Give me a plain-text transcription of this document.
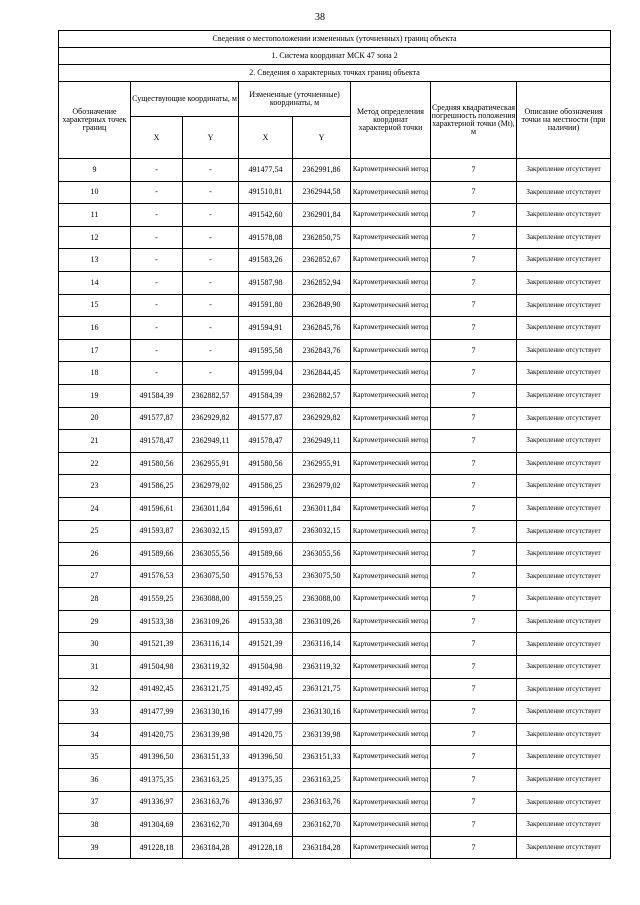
38
Сведения о местоположении измененных (уточненных) границ объекта							
1. Система координат МСК 47 зона 2							
2. Сведения о характерных точках границ объекта							
Обозначение характерных точек границ	Существующие координаты, м		Измененные (уточненные) координаты, м		Метод определения координат характерной точки	Средняя квадратическая погрешность положения характерной точки (Mt), м	Описание обозначения точки на местности (при наличии)
	X	Y	X	Y			
9	-	-	491477,54	2362991,86	Картометрический метод	7	Закрепление отсутствует
10	-	-	491510,81	2362944,58	Картометрический метод	7	Закрепление отсутствует
11	-	-	491542,60	2362901,84	Картометрический метод	7	Закрепление отсутствует
12	-	-	491578,08	2362850,75	Картометрический метод	7	Закрепление отсутствует
13	-	-	491583,26	2362852,67	Картометрический метод	7	Закрепление отсутствует
14	-	-	491587,98	2362852,94	Картометрический метод	7	Закрепление отсутствует
15	-	-	491591,80	2362849,90	Картометрический метод	7	Закрепление отсутствует
16	-	-	491594,91	2362845,76	Картометрический метод	7	Закрепление отсутствует
17	-	-	491595,58	2362843,76	Картометрический метод	7	Закрепление отсутствует
18	-	-	491599,04	2362844,45	Картометрический метод	7	Закрепление отсутствует
19	491584,39	2362882,57	491584,39	2362882,57	Картометрический метод	7	Закрепление отсутствует
20	491577,87	2362929,82	491577,87	2362929,82	Картометрический метод	7	Закрепление отсутствует
21	491578,47	2362949,11	491578,47	2362949,11	Картометрический метод	7	Закрепление отсутствует
22	491580,56	2362955,91	491580,56	2362955,91	Картометрический метод	7	Закрепление отсутствует
23	491586,25	2362979,02	491586,25	2362979,02	Картометрический метод	7	Закрепление отсутствует
24	491596,61	2363011,84	491596,61	2363011,84	Картометрический метод	7	Закрепление отсутствует
25	491593,87	2363032,15	491593,87	2363032,15	Картометрический метод	7	Закрепление отсутствует
26	491589,66	2363055,56	491589,66	2363055,56	Картометрический метод	7	Закрепление отсутствует
27	491576,53	2363075,50	491576,53	2363075,50	Картометрический метод	7	Закрепление отсутствует
28	491559,25	2363088,00	491559,25	2363088,00	Картометрический метод	7	Закрепление отсутствует
29	491533,38	2363109,26	491533,38	2363109,26	Картометрический метод	7	Закрепление отсутствует
30	491521,39	2363116,14	491521,39	2363116,14	Картометрический метод	7	Закрепление отсутствует
31	491504,98	2363119,32	491504,98	2363119,32	Картометрический метод	7	Закрепление отсутствует
32	491492,45	2363121,75	491492,45	2363121,75	Картометрический метод	7	Закрепление отсутствует
33	491477,99	2363130,16	491477,99	2363130,16	Картометрический метод	7	Закрепление отсутствует
34	491420,75	2363139,98	491420,75	2363139,98	Картометрический метод	7	Закрепление отсутствует
35	491396,50	2363151,33	491396,50	2363151,33	Картометрический метод	7	Закрепление отсутствует
36	491375,35	2363163,25	491375,35	2363163,25	Картометрический метод	7	Закрепление отсутствует
37	491336,97	2363163,76	491336,97	2363163,76	Картометрический метод	7	Закрепление отсутствует
38	491304,69	2363162,70	491304,69	2363162,70	Картометрический метод	7	Закрепление отсутствует
39	491228,18	2363184,28	491228,18	2363184,28	Картометрический метод	7	Закрепление отсутствует
